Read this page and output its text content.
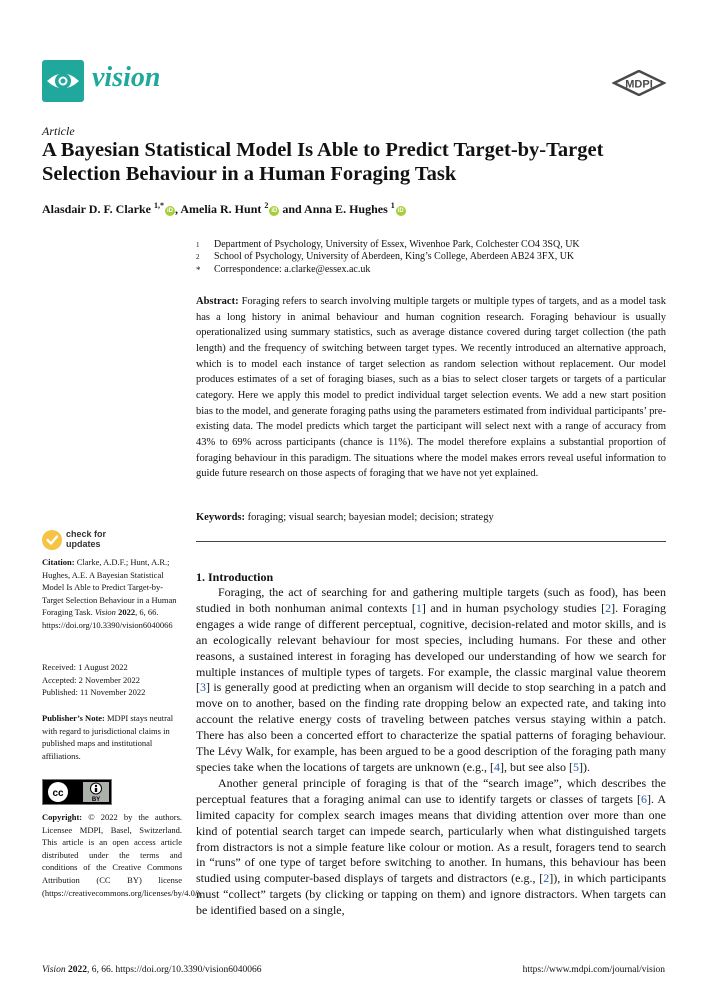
vision	MDPI
Article
A Bayesian Statistical Model Is Able to Predict Target-by-Target Selection Behaviour in a Human Foraging Task
Alasdair D. F. Clarke $^{1,*}$iD , Amelia R. Hunt $^2$iD and Anna E. Hughes $^1$iD
1	Department of Psychology, University of Essex, Wivenhoe Park, Colchester CO4 3SQ, UK
2	School of Psychology, University of Aberdeen, King’s College, Aberdeen AB24 3FX, UK
*	Correspondence: a.clarke@essex.ac.uk
Abstract: Foraging refers to search involving multiple targets or multiple types of targets, and as a model task has a long history in animal behaviour and human cognition research. Foraging behaviour is usually operationalized using summary statistics, such as average distance covered during target collection (the path length) and the frequency of switching between target types. We recently introduced an alternative approach, which is to model each instance of target selection as random selection without replacement. Our model produces estimates of a set of foraging biases, such as a bias to select closer targets or targets of a particular category. Here we apply this model to predict individual target selection events. We add a new start position bias to the model, and generate foraging paths using the parameters estimated from individual participants’ pre-existing data. The model predicts which target the participant will select next with a range of accuracy from 43% to 69% across participants (chance is 11%). The model therefore explains a substantial proportion of foraging behaviour in this paradigm. The situations where the model makes errors reveal useful information to guide future research on those aspects of foraging that we have not yet explained.
Keywords: foraging; visual search; bayesian model; decision; strategy
check for
updates

Citation: Clarke, A.D.F.; Hunt, A.R.; Hughes, A.E. A Bayesian Statistical Model Is Able to Predict Target-by-Target Selection Behaviour in a Human Foraging Task. Vision 2022, 6, 66. https://doi.org/10.3390/vision6040066

Received: 1 August 2022

Accepted: 2 November 2022

Published: 11 November 2022

Publisher’s Note: MDPI stays neutral with regard to jurisdictional claims in published maps and institutional affiliations.

cc
BY

Copyright: © 2022 by the authors. Licensee MDPI, Basel, Switzerland. This article is an open access article distributed under the terms and conditions of the Creative Commons Attribution (CC BY) license (https://creativecommons.org/licenses/by/4.0/).

1. Introduction

Foraging, the act of searching for and gathering multiple targets (such as food), has been studied in both nonhuman animal contexts [1] and in human psychology studies [2]. Foraging engages a wide range of different perceptual, cognitive, decision-related and motor skills, and is an ecologically relevant behaviour for most species, including humans. For these and other reasons, a sustained interest in foraging has developed our understanding of how we search for multiple instances of multiple types of targets. For example, the classic marginal value theorem [3] is generally good at predicting when an organism will decide to stop searching in a patch and move on to another, based on the finding rate dropping below an expected rate, and taking into account the relative energy costs of traveling between patches versus staying within a patch. There has also been a concerted effort to characterize the spatial patterns of foraging behaviour. The Lévy Walk, for example, has been argued to be a good description of the foraging path many species take when the locations of targets are unknown (e.g., [4], but see also [5]).

Another general principle of foraging is that of the “search image”, which describes the perceptual features that a foraging animal can use to identify targets or classes of targets [6]. A limited capacity for complex search images means that dividing attention over more than one kind of potential search target can impede search, particularly when what distinguished targets from distractors is not a simple feature like colour or motion. As a result, foragers tend to search in “runs” of one type of target before switching to another. In humans, this behaviour has been studied using computer-based displays of targets and distractors (e.g., [2]), in which participants must “collect” targets (by clicking or tapping on them) and ignore distractors. When targets can be identified based on a single,

Vision 2022, 6, 66. https://doi.org/10.3390/vision6040066	https://www.mdpi.com/journal/vision
